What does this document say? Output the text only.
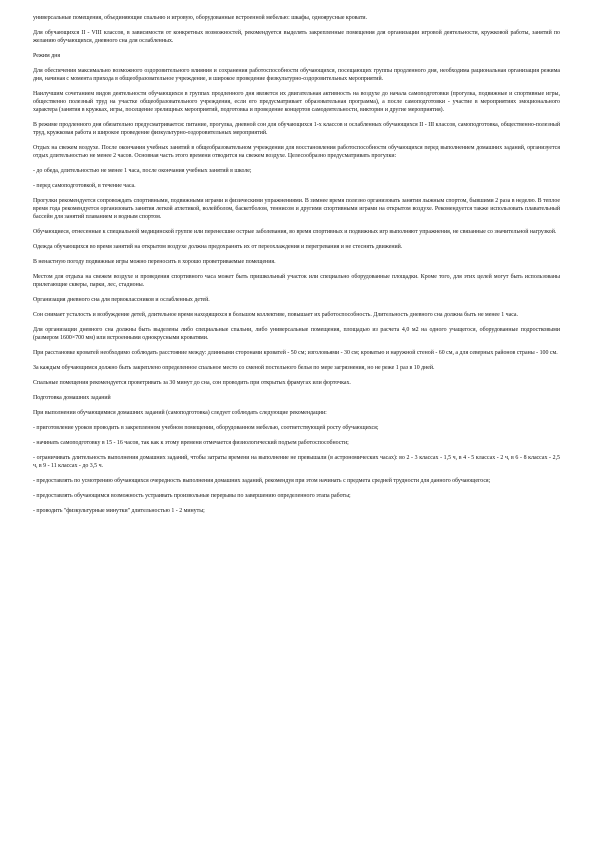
универсальные помещения, объединяющие спальню и игровую, оборудованные встроенной мебелью: шкафы, одноярусные кровати.

Для обучающихся II - VIII классов, в зависимости от конкретных возможностей, рекомендуется выделять закрепленные помещения для организации игровой деятельности, кружковой работы, занятий по желанию обучающихся, дневного сна для ослабленных.

Режим дня

Для обеспечения максимально возможного оздоровительного влияния и сохранения работоспособности обучающихся, посещающих группы продленного дня, необходима рациональная организация режима дня, начиная с момента прихода в общеобразовательное учреждение, и широкое проведение физкультурно-оздоровительных мероприятий.

Наилучшим сочетанием видов деятельности обучающихся в группах продленного дня является их двигательная активность на воздухе до начала самоподготовки (прогулка, подвижные и спортивные игры, общественно полезный труд на участке общеобразовательного учреждения, если его предусматривает образовательная программа), а после самоподготовки - участие в мероприятиях эмоционального характера (занятия в кружках, игры, посещение зрелищных мероприятий, подготовка и проведение концертов самодеятельности, викторин и другие мероприятия).

В режиме продленного дня обязательно предусматривается: питание, прогулка, дневной сон для обучающихся 1-х классов и ослабленных обучающихся II - III классов, самоподготовка, общественно-полезный труд, кружковая работа и широкое проведение физкультурно-оздоровительных мероприятий.

Отдых на свежем воздухе. После окончания учебных занятий в общеобразовательном учреждении для восстановления работоспособности обучающихся перед выполнением домашних заданий, организуется отдых длительностью не менее 2 часов. Основная часть этого времени отводится на свежем воздухе. Целесообразно предусматривать прогулки:

- до обеда, длительностью не менее 1 часа, после окончания учебных занятий в школе;

- перед самоподготовкой, в течение часа.

Прогулки рекомендуется сопровождать спортивными, подвижными играми и физическими упражнениями. В зимнее время полезно организовать занятия лыжным спортом, бывшими 2 раза в неделю. В теплое время года рекомендуется организовать занятия легкой атлетикой, волейболом, баскетболом, теннисом и другими спортивными играми на открытом воздухе. Рекомендуется также использовать плавательный бассейн для занятий плаванием и водным спортом.

Обучающиеся, отнесенные к специальной медицинской группе или перенесшие острые заболевания, во время спортивных и подвижных игр выполняют упражнения, не связанные со значительной нагрузкой.

Одежда обучающихся во время занятий на открытом воздухе должна предохранять их от переохлаждения и перегревания и не стеснять движений.

В ненастную погоду подвижные игры можно переносить в хорошо проветриваемые помещения.

Местом для отдыха на свежем воздухе и проведения спортивного часа может быть пришкольный участок или специально оборудованные площадки. Кроме того, для этих целей могут быть использованы прилегающие скверы, парки, лес, стадионы.

Организация дневного сна для первоклассников и ослабленных детей.

Сон снимает усталость и возбуждение детей, длительное время находящихся в большом коллективе, повышает их работоспособность. Длительность дневного сна должна быть не менее 1 часа.

Для организации дневного сна должны быть выделены либо специальные спальни, либо универсальные помещения, площадью из расчета 4,0 м2 на одного учащегося, оборудованные подростковыми (размером 1600×700 мм) или встроенными однокрусными кроватями.

При расстановке кроватей необходимо соблюдать расстояние между: длинными сторонами кроватей - 50 см; изголовьями - 30 см; кроватью и наружной стеной - 60 см, а для северных районов страны - 100 см.

За каждым обучающимся должно быть закреплено определенное спальное место со сменой постельного белья по мере загрязнения, но не реже 1 раз в 10 дней.

Спальные помещения рекомендуется проветривать за 30 минут до сна, сон проводить при открытых фрамугах или форточках.

Подготовка домашних заданий

При выполнении обучающимися домашних заданий (самоподготовка) следует соблюдать следующие рекомендации:

- приготовление уроков проводить в закрепленном учебном помещении, оборудованном мебелью, соответствующей росту обучающихся;

- начинать самоподготовку в 15 - 16 часов, так как к этому времени отмечается физиологический подъем работоспособности;

- ограничивать длительность выполнения домашних заданий, чтобы затраты времени на выполнение не превышали (в астрономических часах): во 2 - 3 классах - 1,5 ч, в 4 - 5 классах - 2 ч, в 6 - 8 классах - 2,5 ч, в 9 - 11 классах - до 3,5 ч.

- предоставлять по усмотрению обучающихся очередность выполнения домашних заданий, рекомендуя при этом начинать с предмета средней трудности для данного обучающегося;

- предоставлять обучающимся возможность устраивать произвольные перерывы по завершению определенного этапа работы;

- проводить "физкультурные минутки" длительностью 1 - 2 минуты;
